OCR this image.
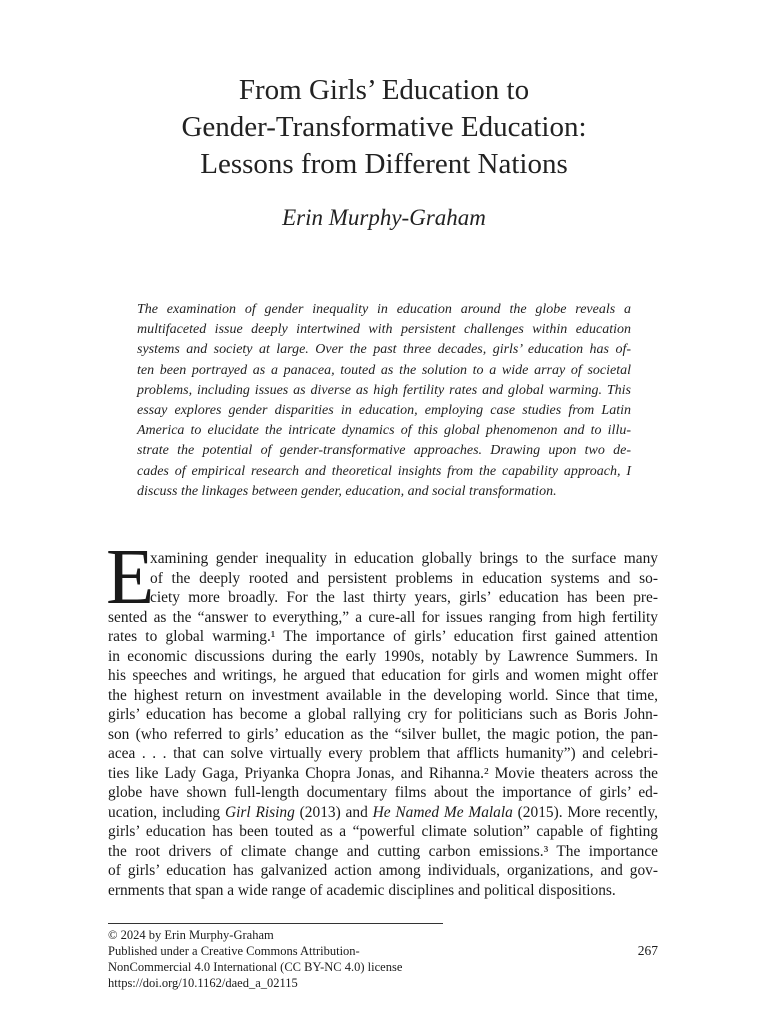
From Girls’ Education to
Gender-Transformative Education:
Lessons from Different Nations
Erin Murphy-Graham
The examination of gender inequality in education around the globe reveals a
multifaceted issue deeply intertwined with persistent challenges within education
systems and society at large. Over the past three decades, girls’ education has of-
ten been portrayed as a panacea, touted as the solution to a wide array of societal
problems, including issues as diverse as high fertility rates and global warming. This
essay explores gender disparities in education, employing case studies from Latin
America to elucidate the intricate dynamics of this global phenomenon and to illu-
strate the potential of gender-transformative approaches. Drawing upon two de-
cades of empirical research and theoretical insights from the capability approach, I
discuss the linkages between gender, education, and social transformation.
E
xamining gender inequality in education globally brings to the surface many
of the deeply rooted and persistent problems in education systems and so-
ciety more broadly. For the last thirty years, girls’ education has been pre-
sented as the “answer to everything,” a cure-all for issues ranging from high fertility
rates to global warming.¹ The importance of girls’ education first gained attention
in economic discussions during the early 1990s, notably by Lawrence Summers. In
his speeches and writings, he argued that education for girls and women might offer
the highest return on investment available in the developing world. Since that time,
girls’ education has become a global rallying cry for politicians such as Boris John-
son (who referred to girls’ education as the “silver bullet, the magic potion, the pan-
acea . . . that can solve virtually every problem that afflicts humanity”) and celebri-
ties like Lady Gaga, Priyanka Chopra Jonas, and Rihanna.² Movie theaters across the
globe have shown full-length documentary films about the importance of girls’ ed-
ucation, including Girl Rising (2013) and He Named Me Malala (2015). More recently,
girls’ education has been touted as a “powerful climate solution” capable of fighting
the root drivers of climate change and cutting carbon emissions.³ The importance
of girls’ education has galvanized action among individuals, organizations, and gov-
ernments that span a wide range of academic disciplines and political dispositions.
© 2024 by Erin Murphy-Graham
Published under a Creative Commons Attribution-
NonCommercial 4.0 International (CC BY-NC 4.0) license
https://doi.org/10.1162/daed_a_02115
267
